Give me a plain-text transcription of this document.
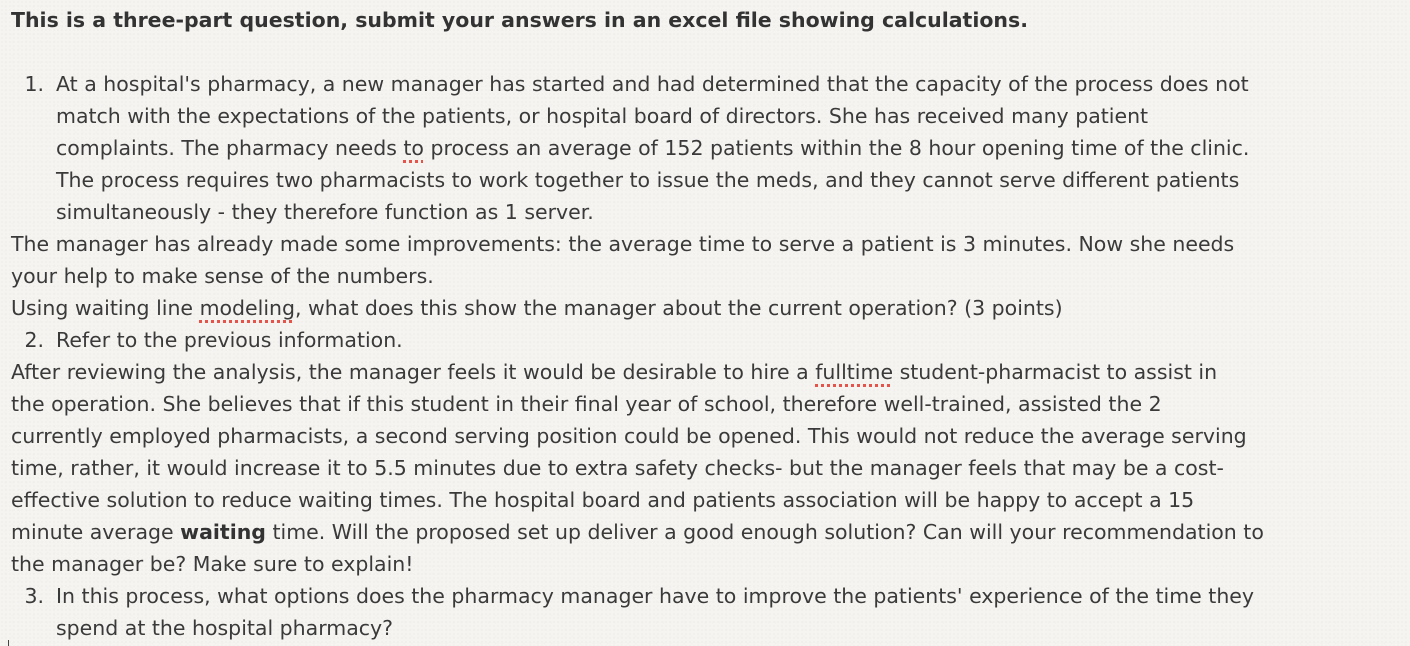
This is a three-part question, submit your answers in an excel file showing calculations.
1. At a hospital's pharmacy, a new manager has started and had determined that the capacity of the process does not
match with the expectations of the patients, or hospital board of directors. She has received many patient
complaints. The pharmacy needs to process an average of 152 patients within the 8 hour opening time of the clinic.
The process requires two pharmacists to work together to issue the meds, and they cannot serve different patients
simultaneously - they therefore function as 1 server.
The manager has already made some improvements: the average time to serve a patient is 3 minutes. Now she needs
your help to make sense of the numbers.
Using waiting line modeling, what does this show the manager about the current operation? (3 points)
2. Refer to the previous information.
After reviewing the analysis, the manager feels it would be desirable to hire a fulltime student-pharmacist to assist in
the operation. She believes that if this student in their final year of school, therefore well-trained, assisted the 2
currently employed pharmacists, a second serving position could be opened. This would not reduce the average serving
time, rather, it would increase it to 5.5 minutes due to extra safety checks- but the manager feels that may be a cost-
effective solution to reduce waiting times. The hospital board and patients association will be happy to accept a 15
minute average waiting time. Will the proposed set up deliver a good enough solution? Can will your recommendation to
the manager be? Make sure to explain!
3. In this process, what options does the pharmacy manager have to improve the patients' experience of the time they
spend at the hospital pharmacy?
